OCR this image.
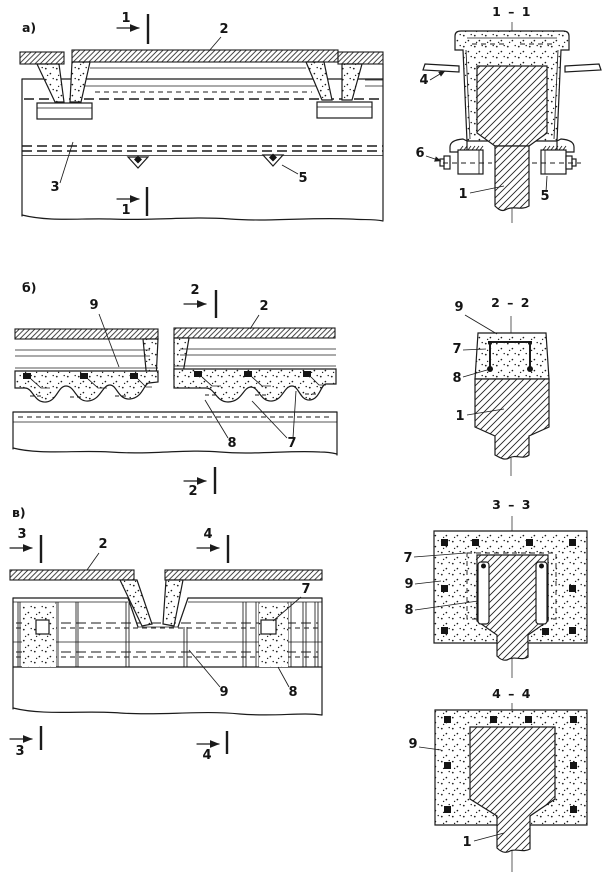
а)
1
2
3
5
1
1 – 1
4
6
1	5
б)	2
9	2
8	7
2
2 – 2
9
7
8
1
в)
3	4
2
7
9	8
3	4
3 – 3
7
9
8
4 – 4
9
1
